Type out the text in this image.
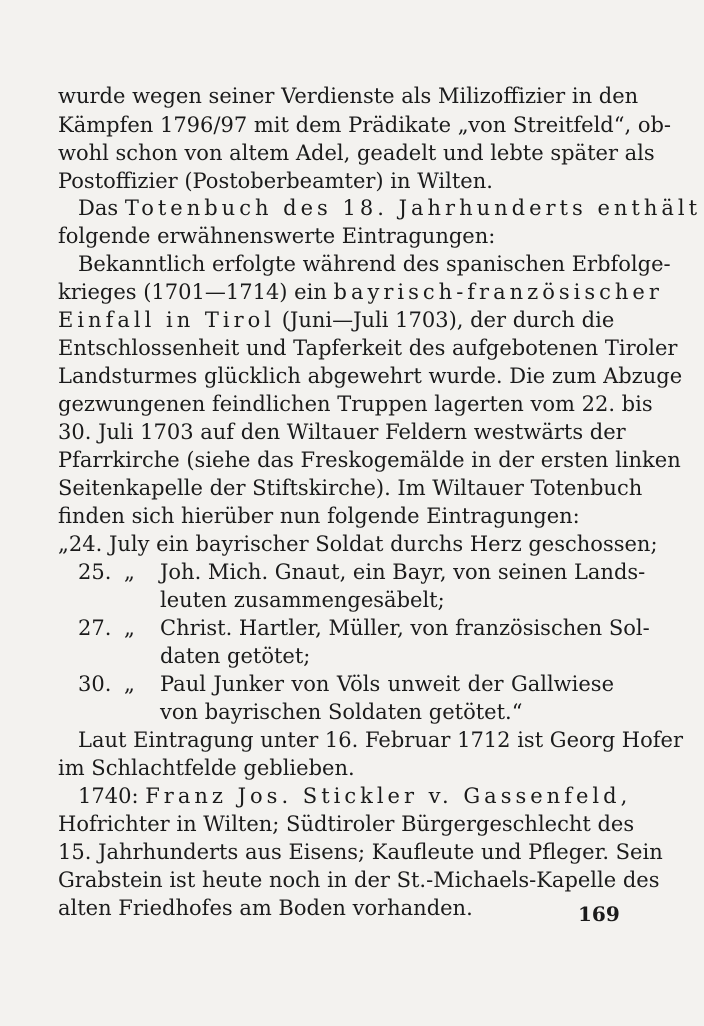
wurde wegen seiner Verdienste als Milizoffizier in den
Kämpfen 1796/97 mit dem Prädikate „von Streitfeld“, ob-
wohl schon von altem Adel, geadelt und lebte später als
Postoffizier (Postoberbeamter) in Wilten.
Das Totenbuch des 18. Jahrhunderts enthält
folgende erwähnenswerte Eintragungen:
Bekanntlich erfolgte während des spanischen Erbfolge-
krieges (1701—1714) ein bayrisch-französischer
Einfall in Tirol (Juni—Juli 1703), der durch die
Entschlossenheit und Tapferkeit des aufgebotenen Tiroler
Landsturmes glücklich abgewehrt wurde. Die zum Abzuge
gezwungenen feindlichen Truppen lagerten vom 22. bis
30. Juli 1703 auf den Wiltauer Feldern westwärts der
Pfarrkirche (siehe das Freskogemälde in der ersten linken
Seitenkapelle der Stiftskirche). Im Wiltauer Totenbuch
finden sich hierüber nun folgende Eintragungen:
„24. July ein bayrischer Soldat durchs Herz geschossen;
25. „ Joh. Mich. Gnaut, ein Bayr, von seinen Lands-
leuten zusammengesäbelt;
27. „ Christ. Hartler, Müller, von französischen Sol-
daten getötet;
30. „ Paul Junker von Völs unweit der Gallwiese
von bayrischen Soldaten getötet.“
Laut Eintragung unter 16. Februar 1712 ist Georg Hofer
im Schlachtfelde geblieben.
1740: Franz Jos. Stickler v. Gassenfeld,
Hofrichter in Wilten; Südtiroler Bürgergeschlecht des
15. Jahrhunderts aus Eisens; Kaufleute und Pfleger. Sein
Grabstein ist heute noch in der St.-Michaels-Kapelle des
alten Friedhofes am Boden vorhanden.	169
